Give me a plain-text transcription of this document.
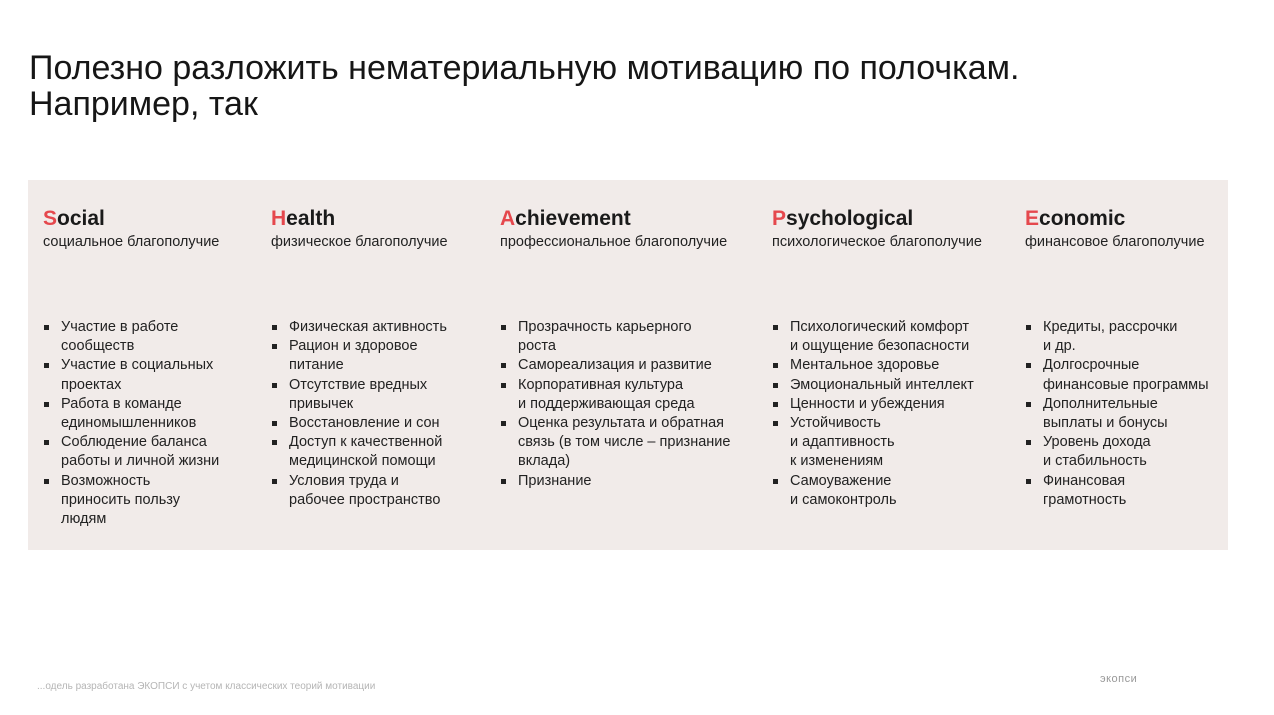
Полезно разложить нематериальную мотивацию по полочкам.
Например, так
Social
социальное благополучие
Участие в работе
сообществ
Участие в социальных
проектах
Работа в команде
единомышленников
Соблюдение баланса
работы и личной жизни
Возможность
приносить пользу
людям
Health
физическое благополучие
Физическая активность
Рацион и здоровое
питание
Отсутствие вредных
привычек
Восстановление и сон
Доступ к качественной
медицинской помощи
Условия труда и
рабочее пространство
Achievement
профессиональное благополучие
Прозрачность карьерного
роста
Самореализация и развитие
Корпоративная культура
и поддерживающая среда
Оценка результата и обратная
связь (в том числе – признание
вклада)
Признание
Psychological
психологическое благополучие
Психологический комфорт
и ощущение безопасности
Ментальное здоровье
Эмоциональный интеллект
Ценности и убеждения
Устойчивость
и адаптивность
к изменениям
Самоуважение
и самоконтроль
Economic
финансовое благополучие
Кредиты, рассрочки
и др.
Долгосрочные
финансовые программы
Дополнительные
выплаты и бонусы
Уровень дохода
и стабильность
Финансовая
грамотность
...одель разработана ЭКОПСИ с учетом классических теорий мотивации
экопси
